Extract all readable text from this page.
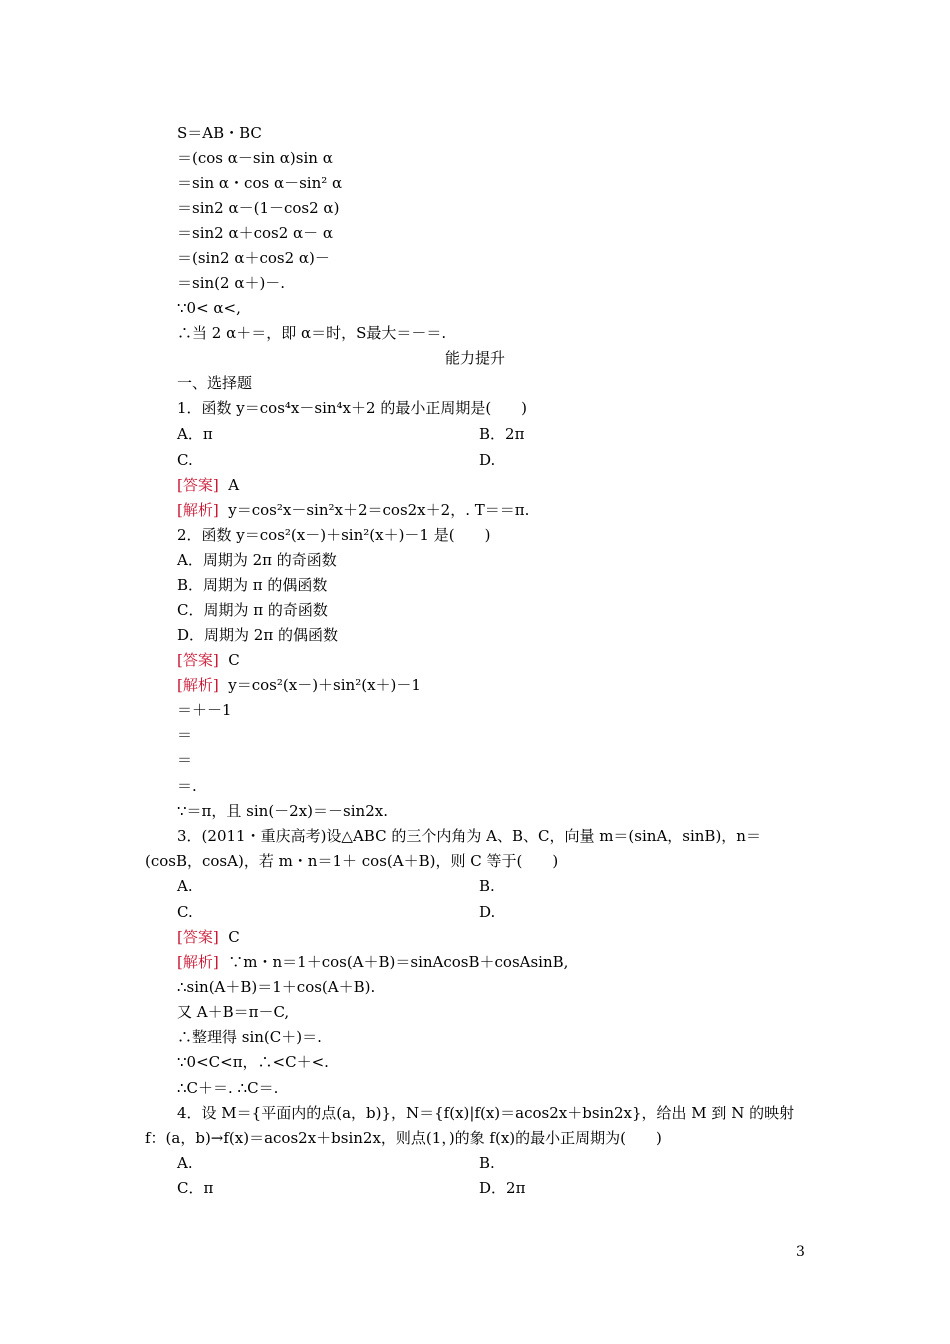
S＝AB・BC
＝(cos α－sin α)sin α
＝sin α・cos α－sin² α
＝sin2 α－(1－cos2 α)
＝sin2 α＋cos2 α－ α
＝(sin2 α＋cos2 α)－
＝sin(2 α＋)－.
∵0< α<,
∴当 2 α＋＝，即 α＝时，S最大＝－＝.
能力提升
一、选择题
1．函数 y＝cos⁴x－sin⁴x＋2 的最小正周期是(　　)
A．π	B．2π
C.	D.
[答案] A
[解析] y＝cos²x－sin²x＋2＝cos2x＋2，. T＝＝π.
2．函数 y＝cos²(x－)＋sin²(x＋)－1 是(　　)
A．周期为 2π 的奇函数
B．周期为 π 的偶函数
C．周期为 π 的奇函数
D．周期为 2π 的偶函数
[答案] C
[解析] y＝cos²(x－)＋sin²(x＋)－1
＝＋－1
＝
＝
＝.
∵＝π，且 sin(－2x)＝－sin2x.
3．(2011・重庆高考)设△ABC 的三个内角为 A、B、C，向量 m＝(sinA，sinB)，n＝
(cosB，cosA)，若 m・n＝1＋ cos(A＋B)，则 C 等于(　　)
A.	B.
C.	D.
[答案] C
[解析] ∵m・n＝1＋cos(A＋B)＝sinAcosB＋cosAsinB,
∴sin(A＋B)＝1＋cos(A＋B).
又 A＋B＝π－C,
∴整理得 sin(C＋)＝.
∵0<C<π，∴<C＋<.
∴C＋＝. ∴C＝.
4．设 M＝{平面内的点(a，b)}，N＝{f(x)|f(x)＝acos2x＋bsin2x}，给出 M 到 N 的映射
f：(a，b)→f(x)＝acos2x＋bsin2x，则点(1，)的象 f(x)的最小正周期为(　　)
A.	B.
C．π	D．2π
3
